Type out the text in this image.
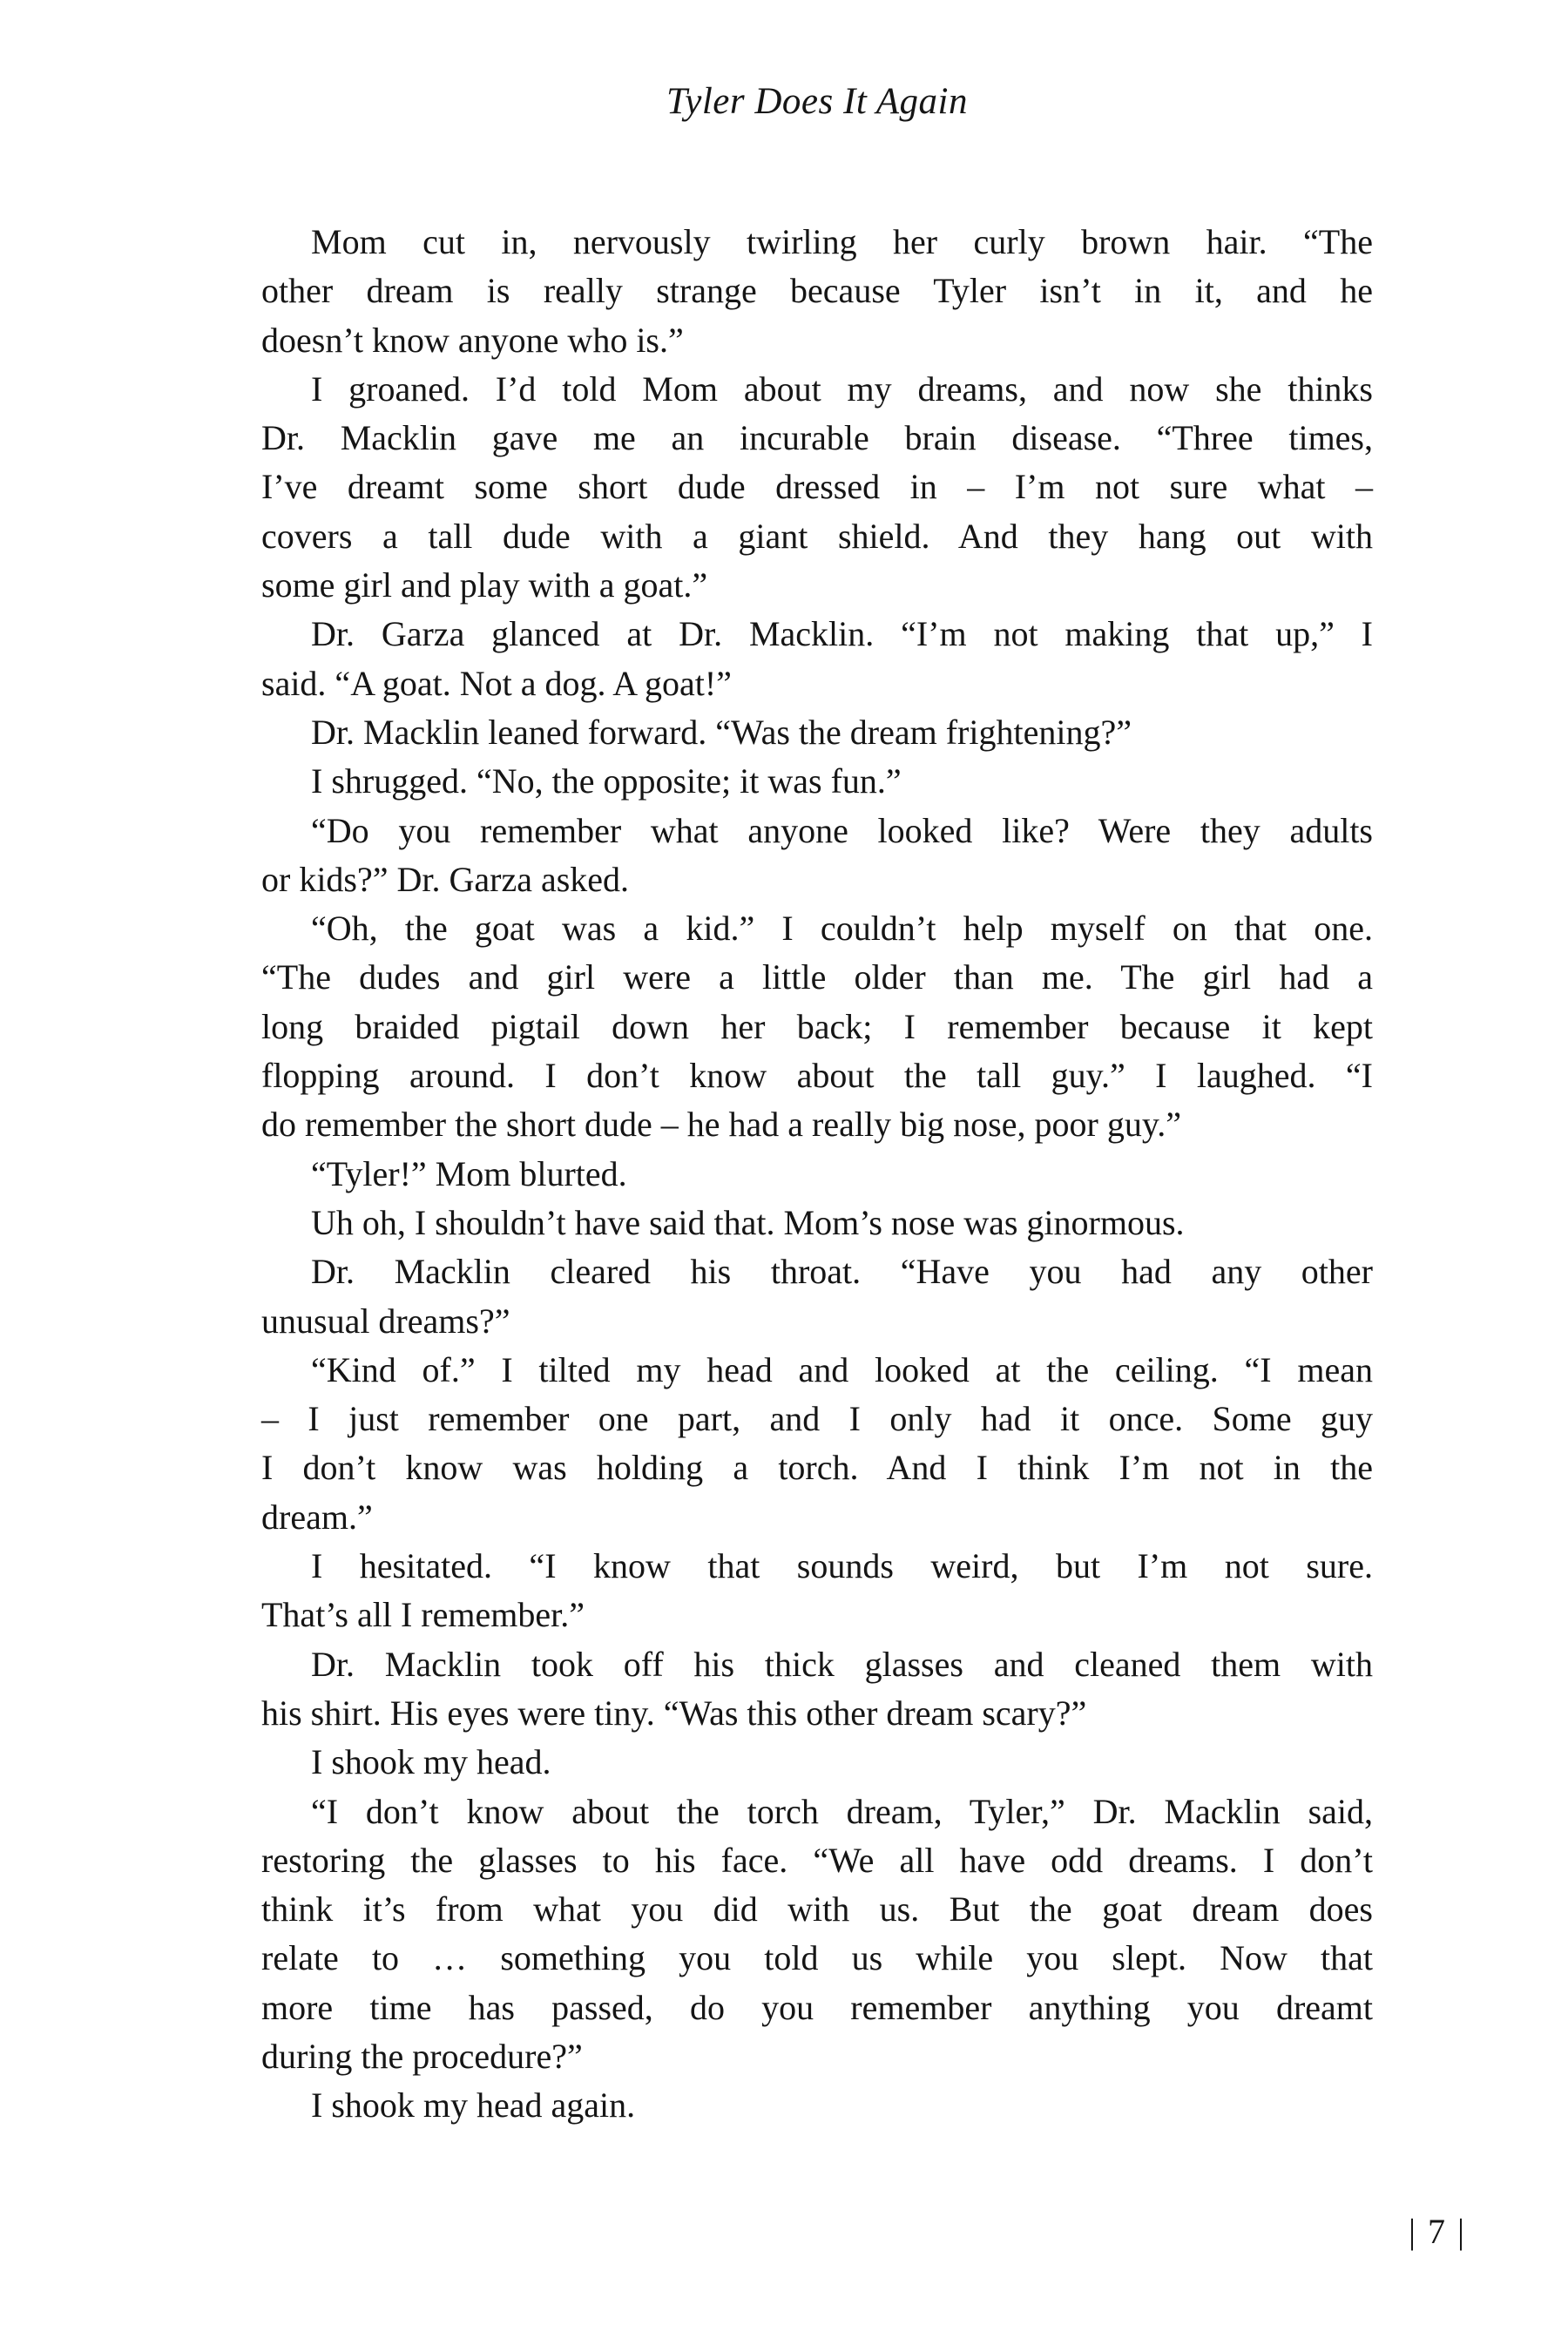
Tyler Does It Again
Mom cut in, nervously twirling her curly brown hair. “The
other dream is really strange because Tyler isn’t in it, and he
doesn’t know anyone who is.”
I groaned. I’d told Mom about my dreams, and now she thinks
Dr. Macklin gave me an incurable brain disease. “Three times,
I’ve dreamt some short dude dressed in – I’m not sure what –
covers a tall dude with a giant shield. And they hang out with
some girl and play with a goat.”
Dr. Garza glanced at Dr. Macklin. “I’m not making that up,” I
said. “A goat. Not a dog. A goat!”
Dr. Macklin leaned forward. “Was the dream frightening?”
I shrugged. “No, the opposite; it was fun.”
“Do you remember what anyone looked like? Were they adults
or kids?” Dr. Garza asked.
“Oh, the goat was a kid.” I couldn’t help myself on that one.
“The dudes and girl were a little older than me. The girl had a
long braided pigtail down her back; I remember because it kept
flopping around. I don’t know about the tall guy.” I laughed. “I
do remember the short dude – he had a really big nose, poor guy.”
“Tyler!” Mom blurted.
Uh oh, I shouldn’t have said that. Mom’s nose was ginormous.
Dr. Macklin cleared his throat. “Have you had any other
unusual dreams?”
“Kind of.” I tilted my head and looked at the ceiling. “I mean
– I just remember one part, and I only had it once. Some guy
I don’t know was holding a torch. And I think I’m not in the
dream.”
I hesitated. “I know that sounds weird, but I’m not sure.
That’s all I remember.”
Dr. Macklin took off his thick glasses and cleaned them with
his shirt. His eyes were tiny. “Was this other dream scary?”
I shook my head.
“I don’t know about the torch dream, Tyler,” Dr. Macklin said,
restoring the glasses to his face. “We all have odd dreams. I don’t
think it’s from what you did with us. But the goat dream does
relate to … something you told us while you slept. Now that
more time has passed, do you remember anything you dreamt
during the procedure?”
I shook my head again.
| 7 |
